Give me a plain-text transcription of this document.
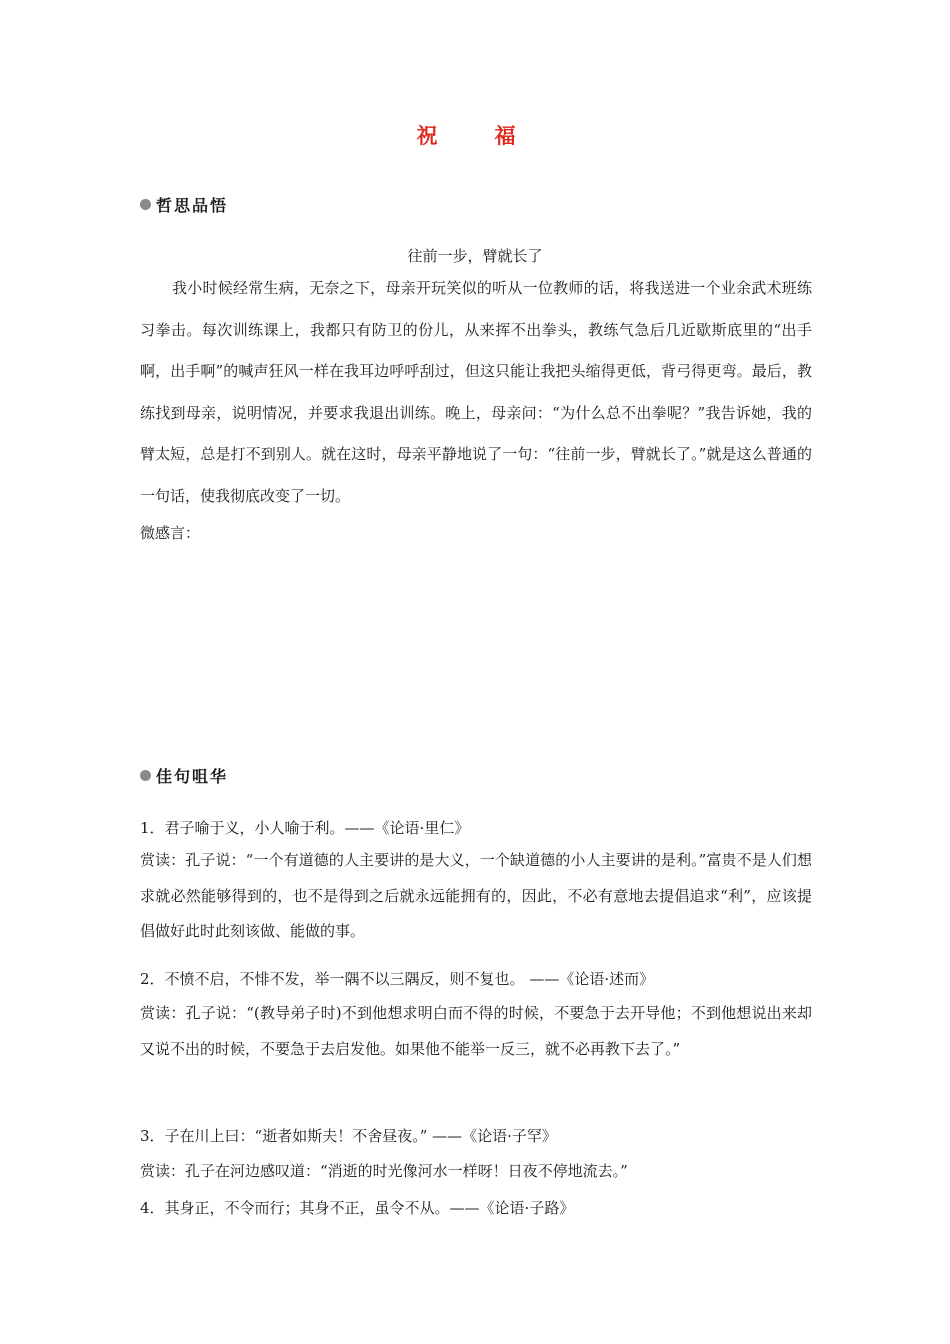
祝　福
哲思品悟
往前一步，臂就长了
我小时候经常生病，无奈之下，母亲开玩笑似的听从一位教师的话，将我送进一个业余武术班练习拳击。每次训练课上，我都只有防卫的份儿，从来挥不出拳头，教练气急后几近歇斯底里的“出手啊，出手啊”的喊声狂风一样在我耳边呼呼刮过，但这只能让我把头缩得更低，背弓得更弯。最后，教练找到母亲，说明情况，并要求我退出训练。晚上，母亲问：“为什么总不出拳呢？”我告诉她，我的臂太短，总是打不到别人。就在这时，母亲平静地说了一句：“往前一步，臂就长了。”就是这么普通的一句话，使我彻底改变了一切。
微感言：
佳句咀华
1．君子喻于义，小人喻于利。——《论语·里仁》
赏读：孔子说：“一个有道德的人主要讲的是大义，一个缺道德的小人主要讲的是利。”富贵不是人们想求就必然能够得到的，也不是得到之后就永远能拥有的，因此，不必有意地去提倡追求“利”，应该提倡做好此时此刻该做、能做的事。
2．不愤不启，不悱不发，举一隅不以三隅反，则不复也。 ——《论语·述而》
赏读：孔子说：“(教导弟子时)不到他想求明白而不得的时候，不要急于去开导他；不到他想说出来却又说不出的时候，不要急于去启发他。如果他不能举一反三，就不必再教下去了。”
3．子在川上曰：“逝者如斯夫！不舍昼夜。” ——《论语·子罕》
赏读：孔子在河边感叹道：“消逝的时光像河水一样呀！日夜不停地流去。”
4．其身正，不令而行；其身不正，虽令不从。——《论语·子路》
